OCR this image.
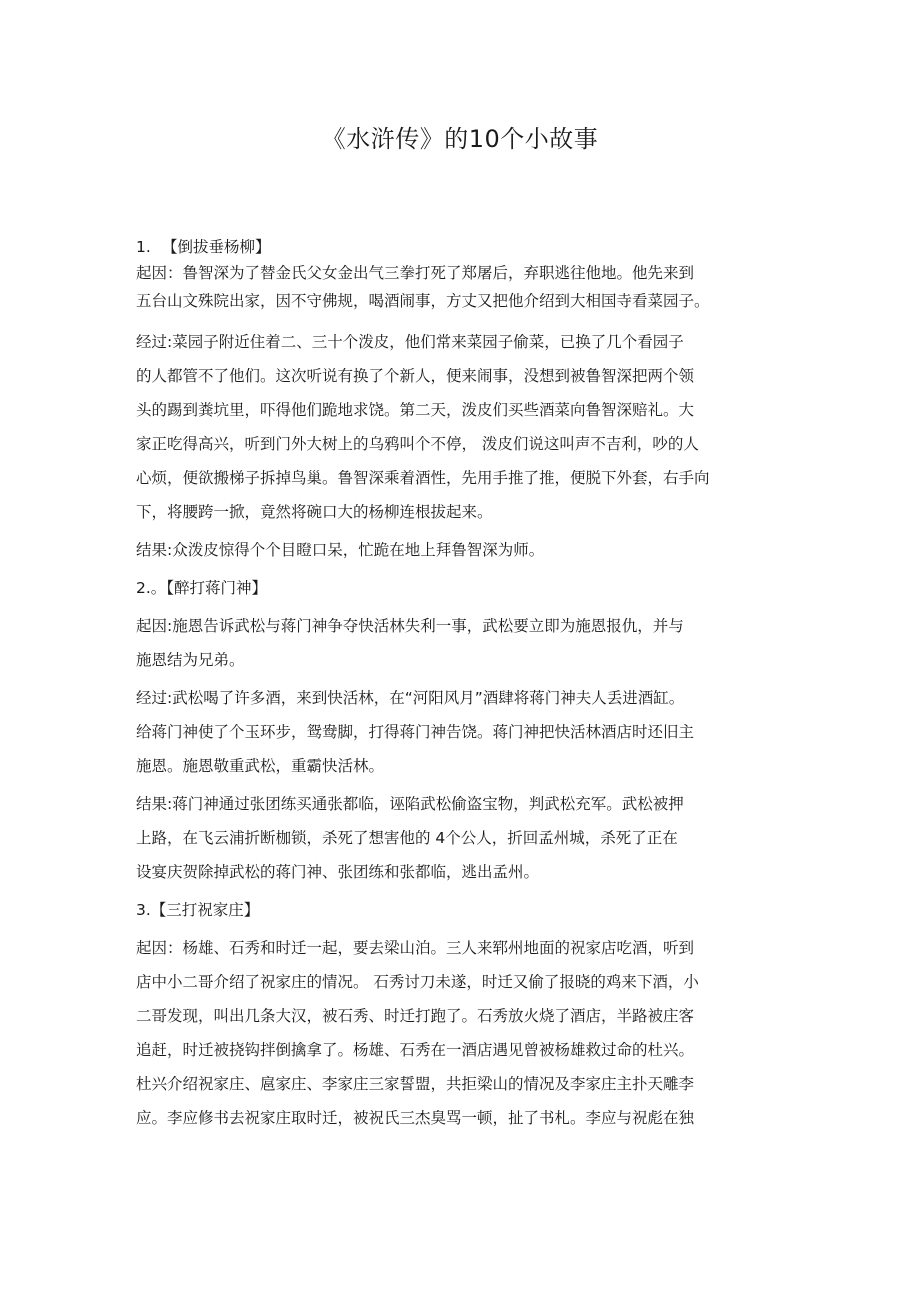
《水浒传》的10个小故事

1. 【倒拔垂杨柳】

起因：鲁智深为了替金氏父女金出气三拳打死了郑屠后，弃职逃往他地。他先来到

五台山文殊院出家，因不守佛规，喝酒闹事，方丈又把他介绍到大相国寺看菜园子。

经过:菜园子附近住着二、三十个泼皮，他们常来菜园子偷菜，已换了几个看园子

的人都管不了他们。这次听说有换了个新人，便来闹事，没想到被鲁智深把两个领

头的踢到粪坑里，吓得他们跪地求饶。第二天，泼皮们买些酒菜向鲁智深赔礼。大

家正吃得高兴，听到门外大树上的乌鸦叫个不停， 泼皮们说这叫声不吉利，吵的人

心烦，便欲搬梯子拆掉鸟巢。鲁智深乘着酒性，先用手推了推，便脱下外套，右手向

下，将腰跨一掀，竟然将碗口大的杨柳连根拔起来。

结果:众泼皮惊得个个目瞪口呆，忙跪在地上拜鲁智深为师。

2.。【醉打蒋门神】

起因:施恩告诉武松与蒋门神争夺快活林失利一事，武松要立即为施恩报仇，并与

施恩结为兄弟。

经过:武松喝了许多酒，来到快活林，在“河阳风月”酒肆将蒋门神夫人丢进酒缸。

给蒋门神使了个玉环步，鸳鸯脚，打得蒋门神告饶。蒋门神把快活林酒店时还旧主

施恩。施恩敬重武松，重霸快活林。

结果:蒋门神通过张团练买通张都临，诬陷武松偷盗宝物，判武松充军。武松被押

上路，在飞云浦折断枷锁，杀死了想害他的 4个公人，折回孟州城，杀死了正在

设宴庆贺除掉武松的蒋门神、张团练和张都临，逃出孟州。

3.【三打祝家庄】

起因：杨雄、石秀和时迁一起，要去梁山泊。三人来郓州地面的祝家店吃酒，听到

店中小二哥介绍了祝家庄的情况。 石秀讨刀未遂，时迁又偷了报晓的鸡来下酒，小

二哥发现，叫出几条大汉，被石秀、时迁打跑了。石秀放火烧了酒店，半路被庄客

追赶，时迁被挠钩拌倒擒拿了。杨雄、石秀在一酒店遇见曾被杨雄救过命的杜兴。

杜兴介绍祝家庄、扈家庄、李家庄三家誓盟，共拒梁山的情况及李家庄主扑天雕李

应。李应修书去祝家庄取时迁，被祝氏三杰臭骂一顿，扯了书札。李应与祝彪在独
